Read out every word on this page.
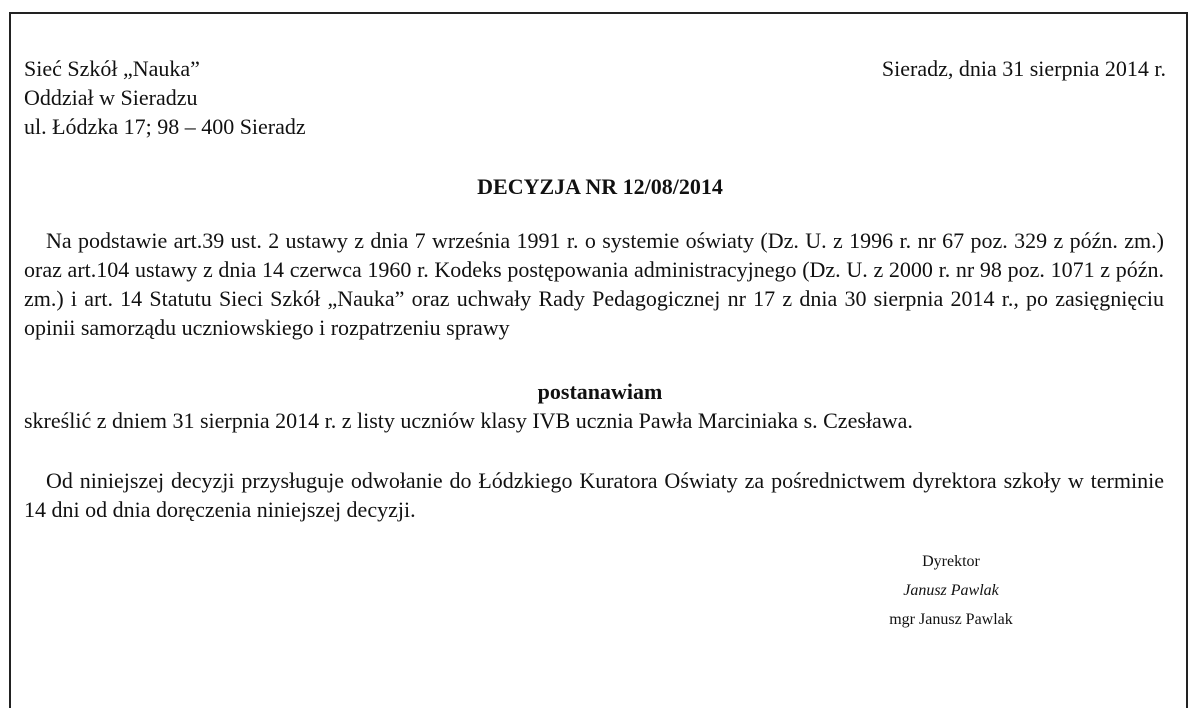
Sieć Szkół „Nauka”
Oddział w Sieradzu
ul. Łódzka 17; 98 – 400 Sieradz
Sieradz, dnia 31 sierpnia 2014 r.
DECYZJA NR 12/08/2014
Na podstawie art.39 ust. 2 ustawy z dnia 7 września 1991 r. o systemie oświaty (Dz. U. z 1996 r. nr 67 poz. 329 z późn. zm.) oraz art.104 ustawy z dnia 14 czerwca 1960 r. Kodeks postępowania administracyjnego (Dz. U. z 2000 r. nr 98 poz. 1071 z późn. zm.) i art. 14 Statutu Sieci Szkół „Nauka” oraz uchwały Rady Pedagogicznej nr 17 z dnia 30 sierpnia 2014 r., po zasięgnięciu opinii samorządu uczniowskiego i rozpatrzeniu sprawy
postanawiam
skreślić z dniem 31 sierpnia 2014 r. z listy uczniów klasy IVB ucznia Pawła Marciniaka s. Czesława.
Od niniejszej decyzji przysługuje odwołanie do Łódzkiego Kuratora Oświaty za pośrednictwem dyrektora szkoły w terminie 14 dni od dnia doręczenia niniejszej decyzji.
Dyrektor
Janusz Pawlak
mgr Janusz Pawlak
